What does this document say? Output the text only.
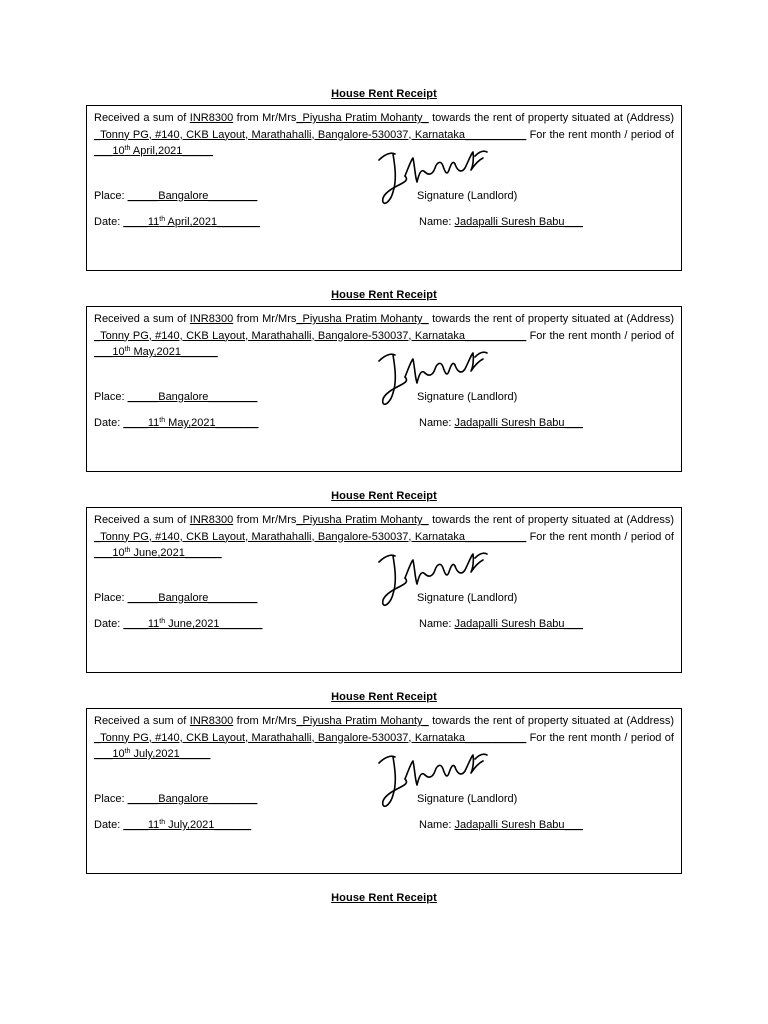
House Rent Receipt
Received a sum of INR8300 from Mr/Mrs_Piyusha Pratim Mohanty_ towards the rent of property situated at (Address) _Tonny PG, #140, CKB Layout, Marathahalli, Bangalore-530037, Karnataka__________ For the rent month / period of ___10th April,2021_____
Place: _____Bangalore________	Signature (Landlord)
Date: ____11th April,2021_______	Name: Jadapalli Suresh Babu___
House Rent Receipt
Received a sum of INR8300 from Mr/Mrs_Piyusha Pratim Mohanty_ towards the rent of property situated at (Address) _Tonny PG, #140, CKB Layout, Marathahalli, Bangalore-530037, Karnataka__________ For the rent month / period of ___10th May,2021______
Place: _____Bangalore________	Signature (Landlord)
Date: ____11th May,2021_______	Name: Jadapalli Suresh Babu___
House Rent Receipt
Received a sum of INR8300 from Mr/Mrs_Piyusha Pratim Mohanty_ towards the rent of property situated at (Address) _Tonny PG, #140, CKB Layout, Marathahalli, Bangalore-530037, Karnataka__________ For the rent month / period of ___10th June,2021______
Place: _____Bangalore________	Signature (Landlord)
Date: ____11th June,2021_______	Name: Jadapalli Suresh Babu___
House Rent Receipt
Received a sum of INR8300 from Mr/Mrs_Piyusha Pratim Mohanty_ towards the rent of property situated at (Address) _Tonny PG, #140, CKB Layout, Marathahalli, Bangalore-530037, Karnataka__________ For the rent month / period of ___10th July,2021_____
Place: _____Bangalore________	Signature (Landlord)
Date: ____11th July,2021______	Name: Jadapalli Suresh Babu___
House Rent Receipt
